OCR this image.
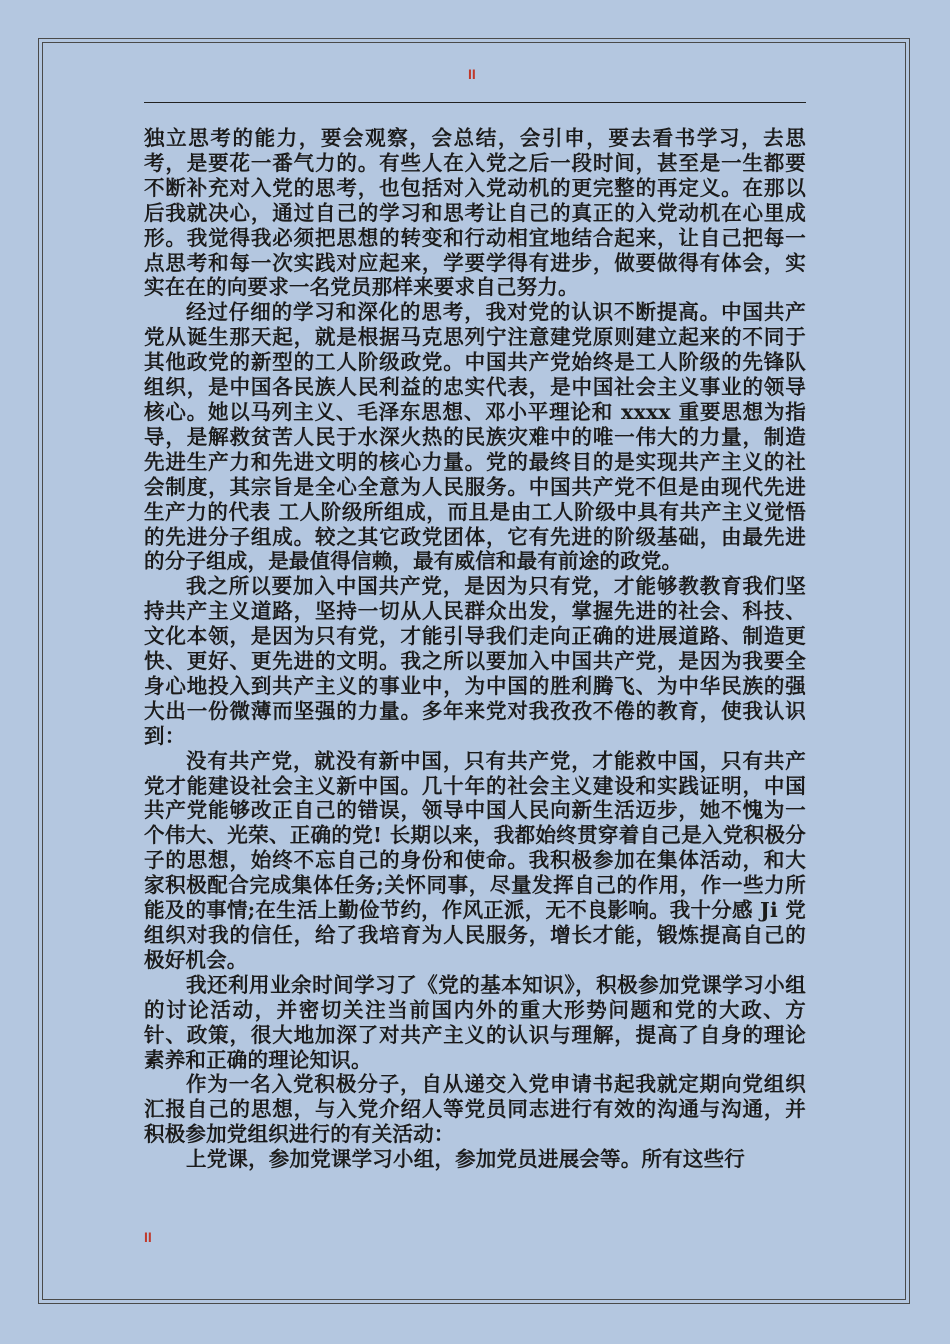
II

独立思考的能力，要会观察，会总结，会引申，要去看书学习，去思考，是要花一番气力的。有些人在入党之后一段时间，甚至是一生都要不断补充对入党的思考，也包括对入党动机的更完整的再定义。在那以后我就决心，通过自己的学习和思考让自己的真正的入党动机在心里成形。我觉得我必须把思想的转变和行动相宜地结合起来，让自己把每一点思考和每一次实践对应起来，学要学得有进步，做要做得有体会，实实在在的向要求一名党员那样来要求自己努力。

经过仔细的学习和深化的思考，我对党的认识不断提高。中国共产党从诞生那天起，就是根据马克思列宁注意建党原则建立起来的不同于其他政党的新型的工人阶级政党。中国共产党始终是工人阶级的先锋队组织，是中国各民族人民利益的忠实代表，是中国社会主义事业的领导核心。她以马列主义、毛泽东思想、邓小平理论和 xxxx 重要思想为指导，是解救贫苦人民于水深火热的民族灾难中的唯一伟大的力量，制造先进生产力和先进文明的核心力量。党的最终目的是实现共产主义的社会制度，其宗旨是全心全意为人民服务。中国共产党不但是由现代先进生产力的代表 工人阶级所组成，而且是由工人阶级中具有共产主义觉悟的先进分子组成。较之其它政党团体，它有先进的阶级基础，由最先进的分子组成，是最值得信赖，最有威信和最有前途的政党。

我之所以要加入中国共产党，是因为只有党，才能够教教育我们坚持共产主义道路，坚持一切从人民群众出发，掌握先进的社会、科技、文化本领，是因为只有党，才能引导我们走向正确的进展道路、制造更快、更好、更先进的文明。我之所以要加入中国共产党，是因为我要全身心地投入到共产主义的事业中，为中国的胜利腾飞、为中华民族的强大出一份微薄而坚强的力量。多年来党对我孜孜不倦的教育，使我认识到：

没有共产党，就没有新中国，只有共产党，才能救中国，只有共产党才能建设社会主义新中国。几十年的社会主义建设和实践证明，中国共产党能够改正自己的错误，领导中国人民向新生活迈步，她不愧为一个伟大、光荣、正确的党! 长期以来，我都始终贯穿着自己是入党积极分子的思想，始终不忘自己的身份和使命。我积极参加在集体活动，和大家积极配合完成集体任务;关怀同事，尽量发挥自己的作用，作一些力所能及的事情;在生活上勤俭节约，作风正派，无不良影响。我十分感 Ji 党组织对我的信任，给了我培育为人民服务，增长才能，锻炼提高自己的极好机会。

我还利用业余时间学习了《党的基本知识》，积极参加党课学习小组的讨论活动，并密切关注当前国内外的重大形势问题和党的大政、方针、政策，很大地加深了对共产主义的认识与理解，提高了自身的理论素养和正确的理论知识。

作为一名入党积极分子，自从递交入党申请书起我就定期向党组织汇报自己的思想，与入党介绍人等党员同志进行有效的沟通与沟通，并积极参加党组织进行的有关活动：

上党课，参加党课学习小组，参加党员进展会等。所有这些行

II
